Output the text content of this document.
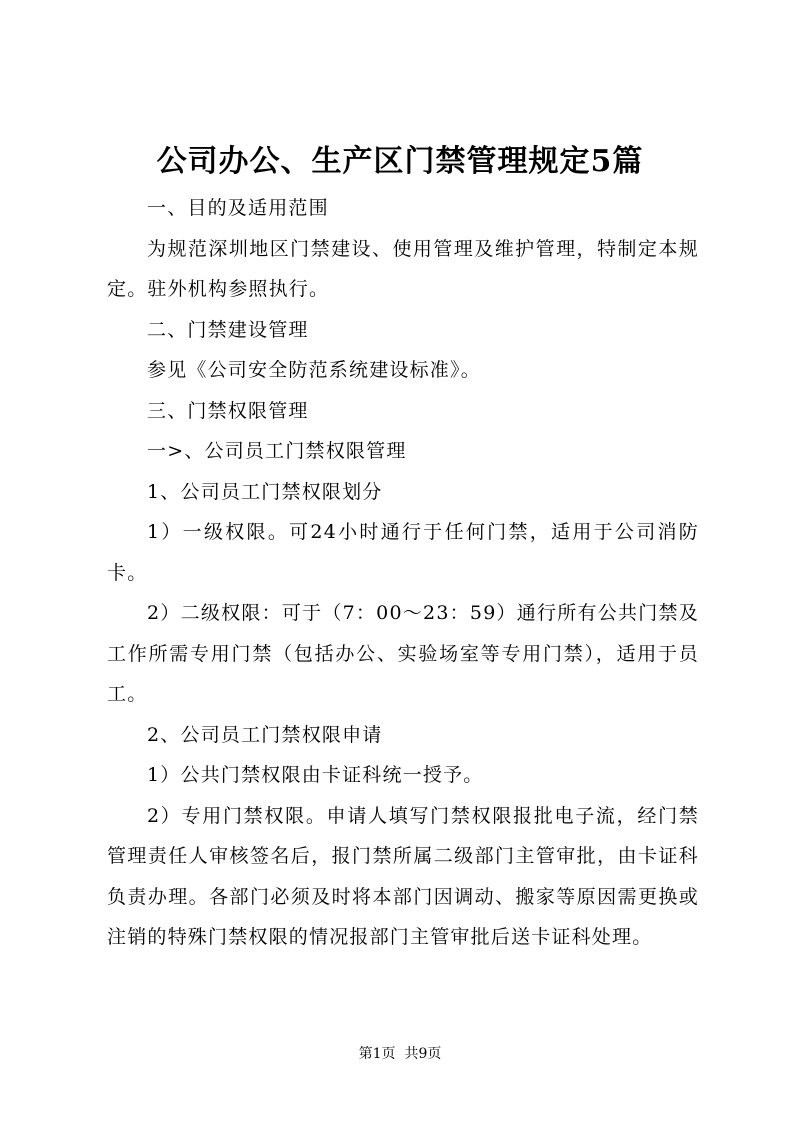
公司办公、生产区门禁管理规定5篇

一、目的及适用范围

为规范深圳地区门禁建设、使用管理及维护管理，特制定本规定。驻外机构参照执行。

二、门禁建设管理

参见《公司安全防范系统建设标准》。

三、门禁权限管理

一>、公司员工门禁权限管理

1、公司员工门禁权限划分

1）一级权限。可24小时通行于任何门禁，适用于公司消防卡。

2）二级权限：可于（7：00～23：59）通行所有公共门禁及工作所需专用门禁（包括办公、实验场室等专用门禁），适用于员工。

2、公司员工门禁权限申请

1）公共门禁权限由卡证科统一授予。

2）专用门禁权限。申请人填写门禁权限报批电子流，经门禁管理责任人审核签名后，报门禁所属二级部门主管审批，由卡证科负责办理。各部门必须及时将本部门因调动、搬家等原因需更换或注销的特殊门禁权限的情况报部门主管审批后送卡证科处理。

第1页  共9页
